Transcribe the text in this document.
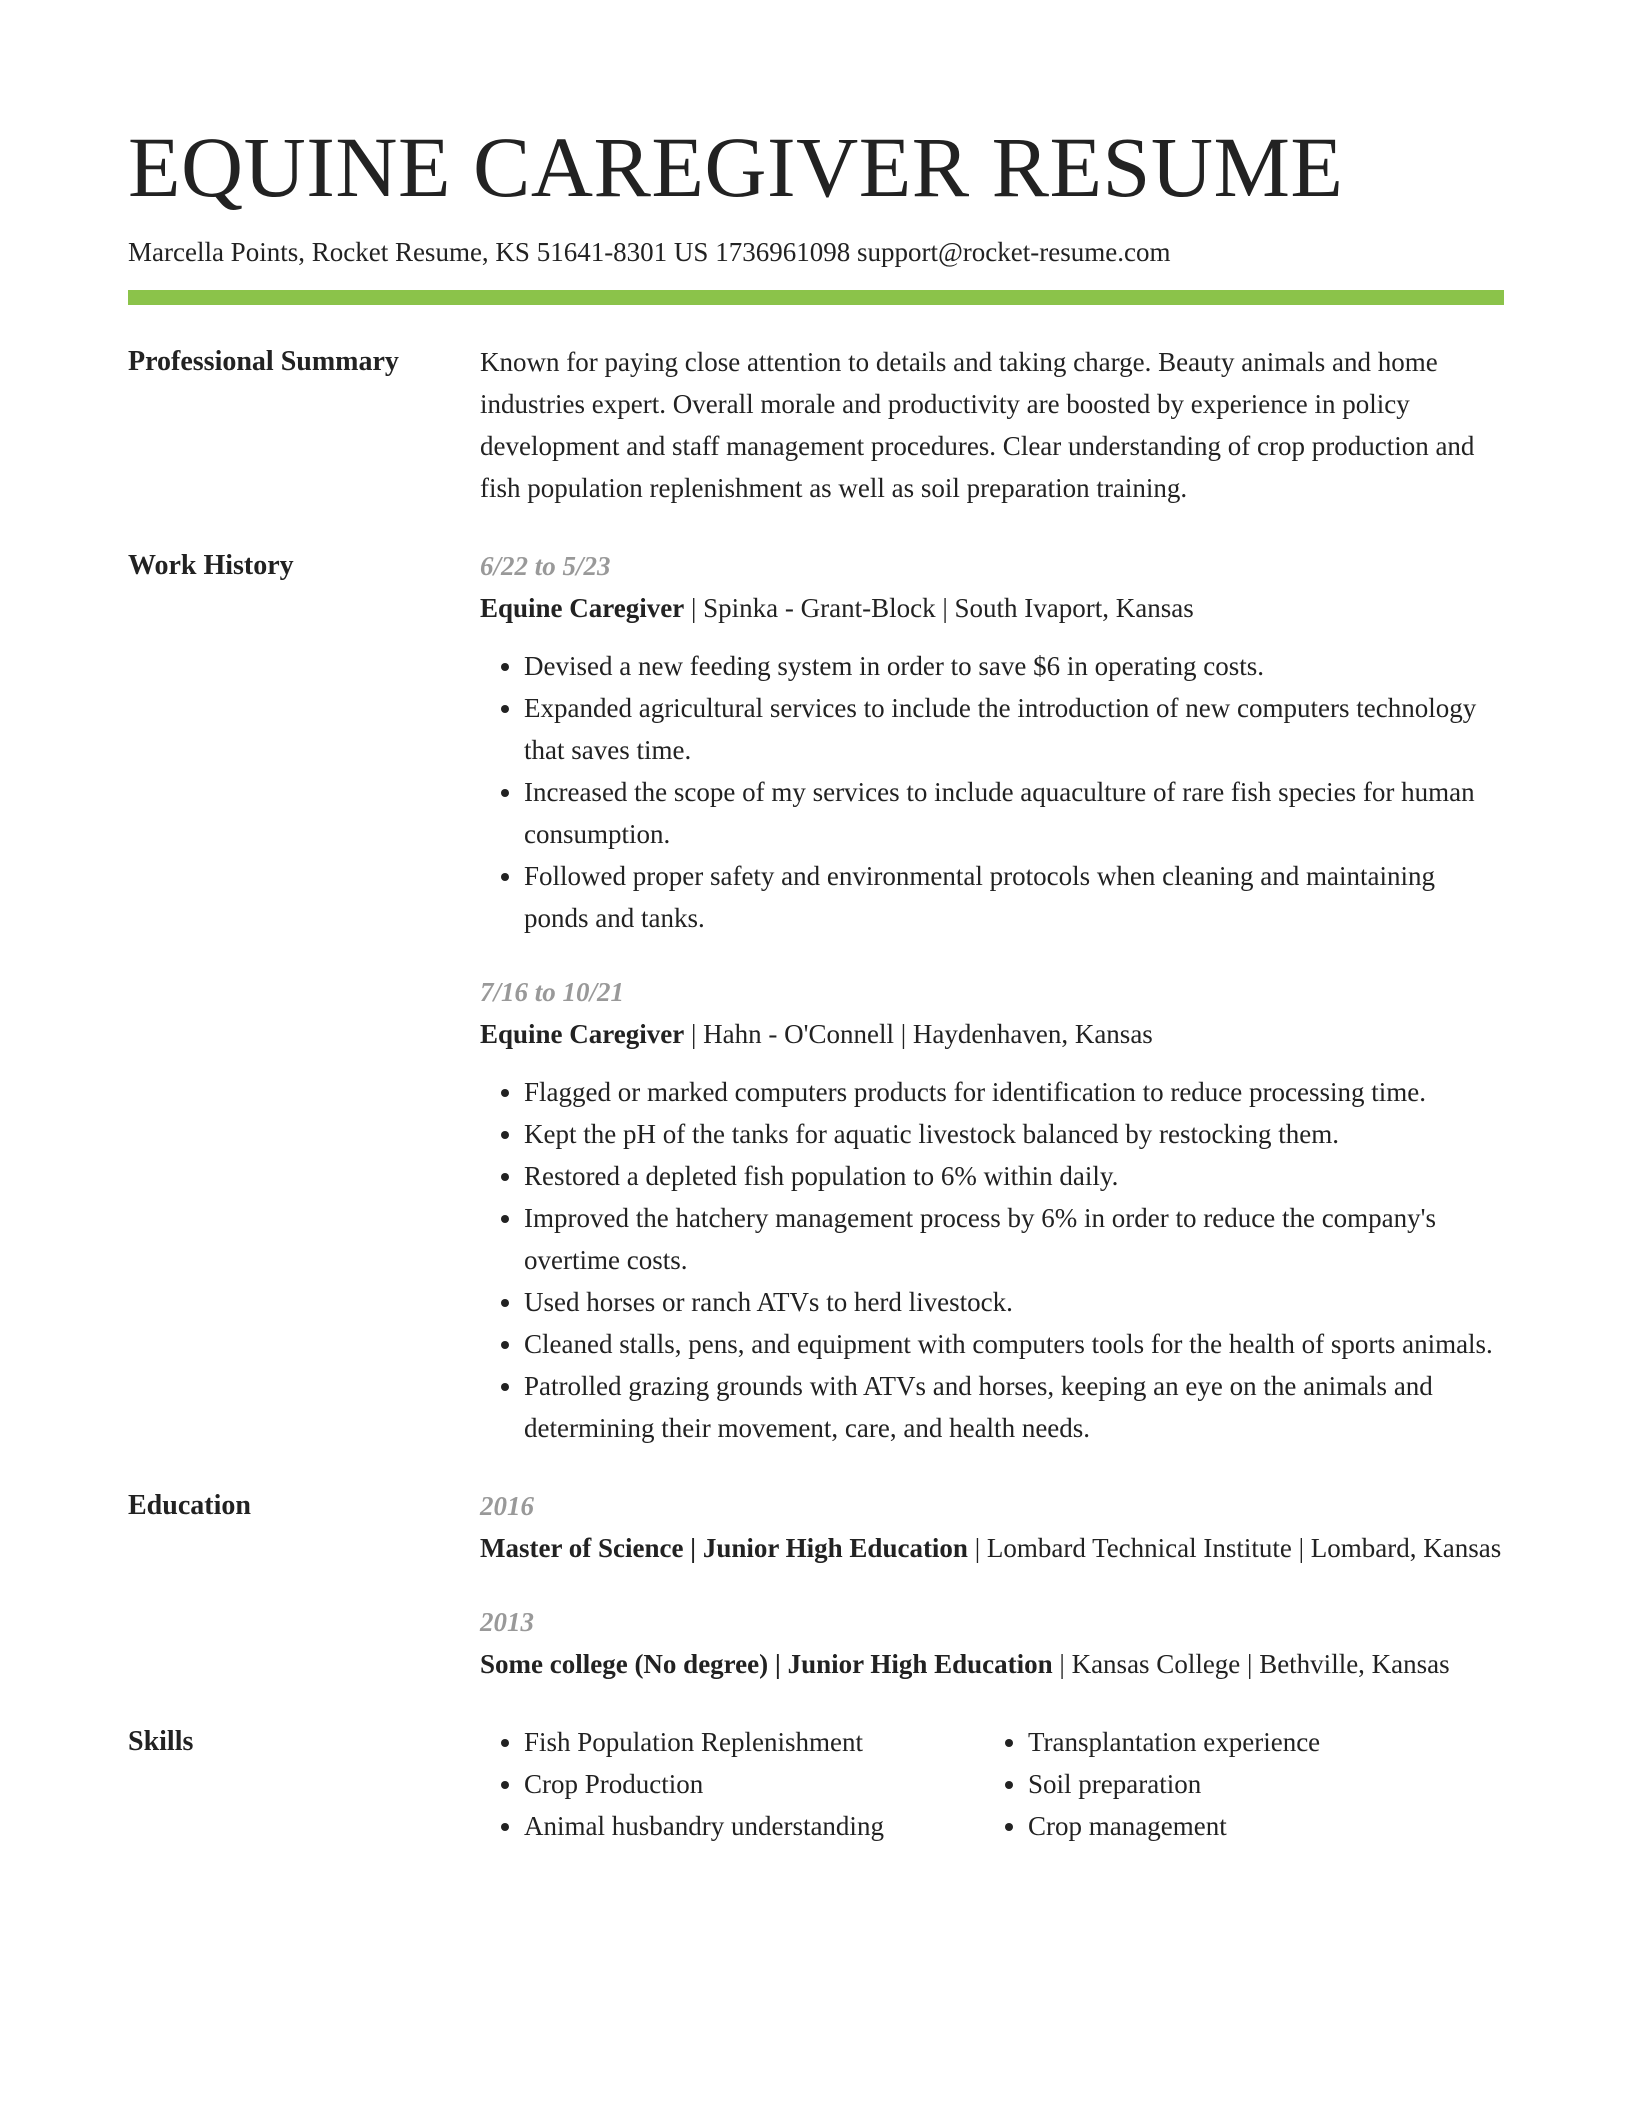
EQUINE CAREGIVER RESUME
Marcella Points, Rocket Resume, KS 51641-8301 US 1736961098 support@rocket-resume.com
Professional Summary	Known for paying close attention to details and taking charge. Beauty animals and home industries expert. Overall morale and productivity are boosted by experience in policy development and staff management procedures. Clear understanding of crop production and fish population replenishment as well as soil preparation training.

Work History	6/22 to 5/23
Equine Caregiver | Spinka - Grant-Block | South Ivaport, Kansas
• Devised a new feeding system in order to save $6 in operating costs.
• Expanded agricultural services to include the introduction of new computers technology that saves time.
• Increased the scope of my services to include aquaculture of rare fish species for human consumption.
• Followed proper safety and environmental protocols when cleaning and maintaining ponds and tanks.
7/16 to 10/21
Equine Caregiver | Hahn - O'Connell | Haydenhaven, Kansas
• Flagged or marked computers products for identification to reduce processing time.
• Kept the pH of the tanks for aquatic livestock balanced by restocking them.
• Restored a depleted fish population to 6% within daily.
• Improved the hatchery management process by 6% in order to reduce the company's overtime costs.
• Used horses or ranch ATVs to herd livestock.
• Cleaned stalls, pens, and equipment with computers tools for the health of sports animals.
• Patrolled grazing grounds with ATVs and horses, keeping an eye on the animals and determining their movement, care, and health needs.
Education	2016
Master of Science | Junior High Education | Lombard Technical Institute | Lombard, Kansas
2013
Some college (No degree) | Junior High Education | Kansas College | Bethville, Kansas
Skills
•	Fish Population Replenishment
• Crop Production
• Animal husbandry understanding
• Transplantation experience
• Soil preparation
• Crop management
